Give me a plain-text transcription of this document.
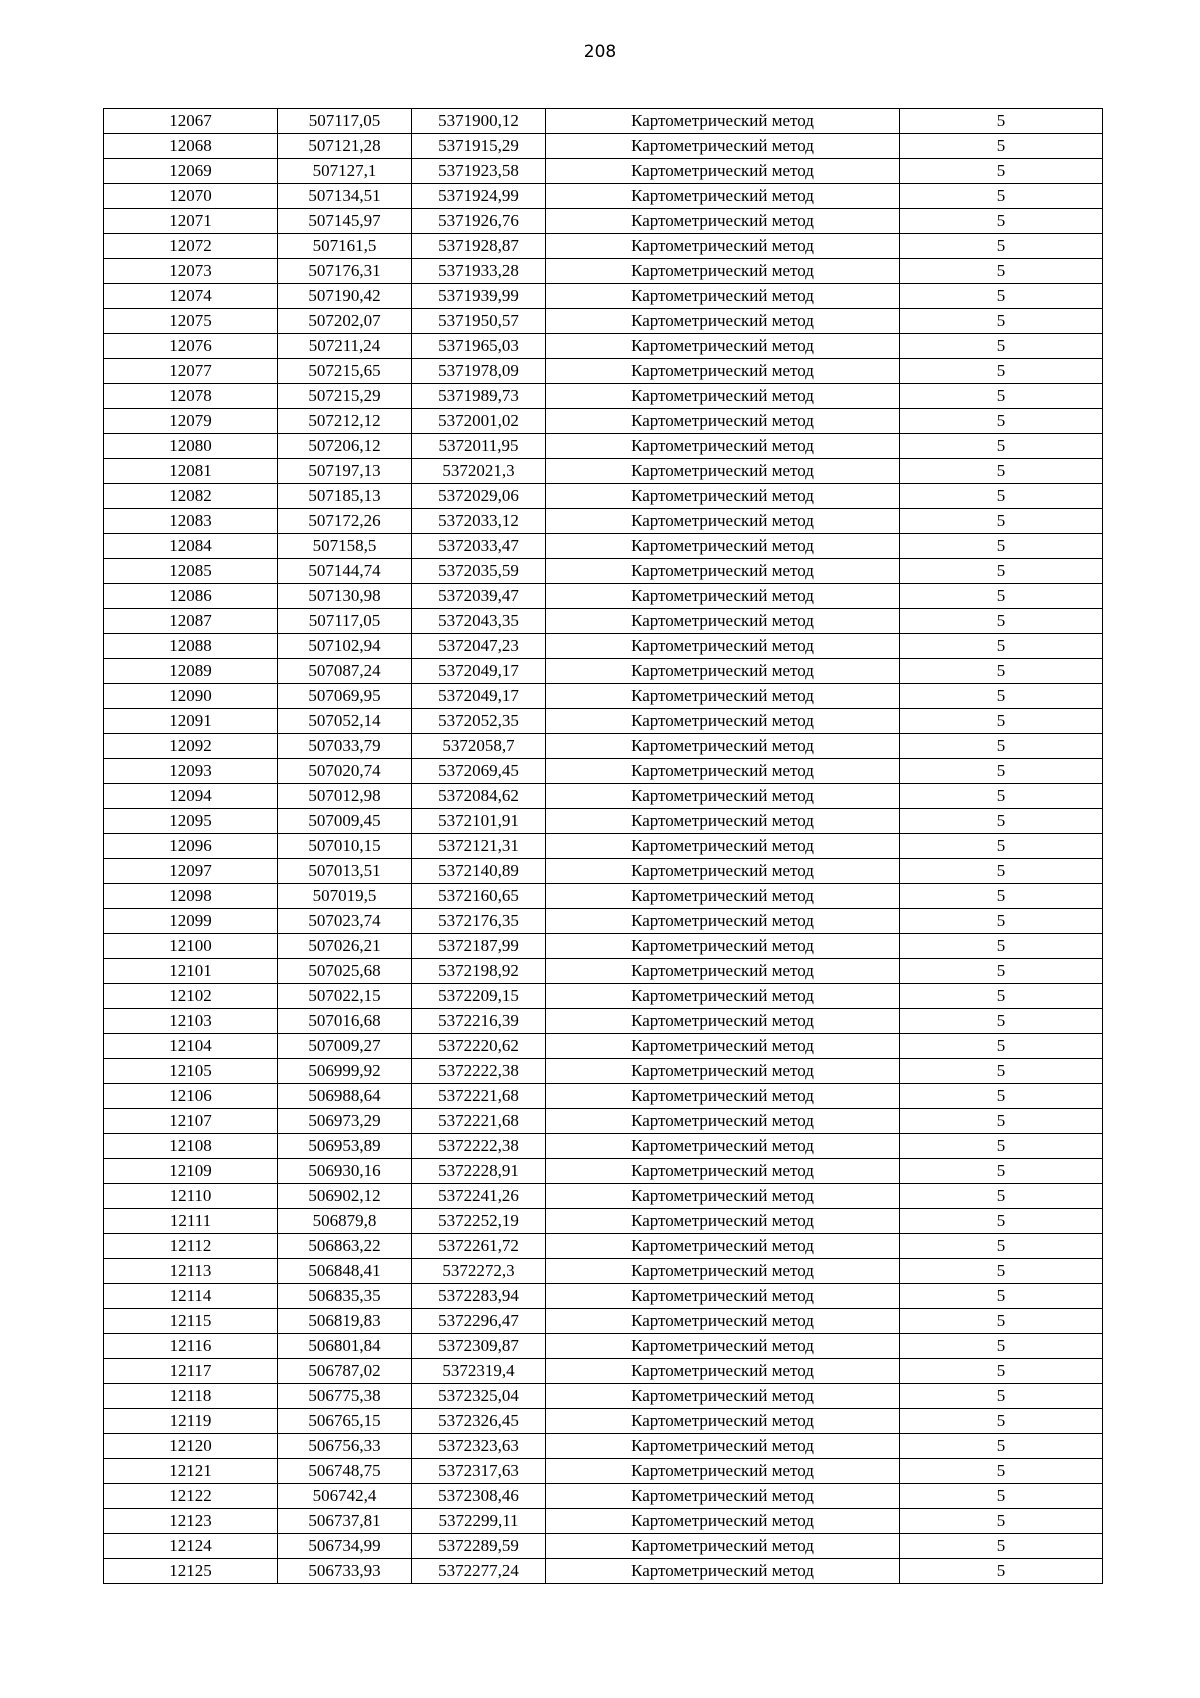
208
12067	507117,05	5371900,12	Картометрический метод	5
12068	507121,28	5371915,29	Картометрический метод	5
12069	507127,1	5371923,58	Картометрический метод	5
12070	507134,51	5371924,99	Картометрический метод	5
12071	507145,97	5371926,76	Картометрический метод	5
12072	507161,5	5371928,87	Картометрический метод	5
12073	507176,31	5371933,28	Картометрический метод	5
12074	507190,42	5371939,99	Картометрический метод	5
12075	507202,07	5371950,57	Картометрический метод	5
12076	507211,24	5371965,03	Картометрический метод	5
12077	507215,65	5371978,09	Картометрический метод	5
12078	507215,29	5371989,73	Картометрический метод	5
12079	507212,12	5372001,02	Картометрический метод	5
12080	507206,12	5372011,95	Картометрический метод	5
12081	507197,13	5372021,3	Картометрический метод	5
12082	507185,13	5372029,06	Картометрический метод	5
12083	507172,26	5372033,12	Картометрический метод	5
12084	507158,5	5372033,47	Картометрический метод	5
12085	507144,74	5372035,59	Картометрический метод	5
12086	507130,98	5372039,47	Картометрический метод	5
12087	507117,05	5372043,35	Картометрический метод	5
12088	507102,94	5372047,23	Картометрический метод	5
12089	507087,24	5372049,17	Картометрический метод	5
12090	507069,95	5372049,17	Картометрический метод	5
12091	507052,14	5372052,35	Картометрический метод	5
12092	507033,79	5372058,7	Картометрический метод	5
12093	507020,74	5372069,45	Картометрический метод	5
12094	507012,98	5372084,62	Картометрический метод	5
12095	507009,45	5372101,91	Картометрический метод	5
12096	507010,15	5372121,31	Картометрический метод	5
12097	507013,51	5372140,89	Картометрический метод	5
12098	507019,5	5372160,65	Картометрический метод	5
12099	507023,74	5372176,35	Картометрический метод	5
12100	507026,21	5372187,99	Картометрический метод	5
12101	507025,68	5372198,92	Картометрический метод	5
12102	507022,15	5372209,15	Картометрический метод	5
12103	507016,68	5372216,39	Картометрический метод	5
12104	507009,27	5372220,62	Картометрический метод	5
12105	506999,92	5372222,38	Картометрический метод	5
12106	506988,64	5372221,68	Картометрический метод	5
12107	506973,29	5372221,68	Картометрический метод	5
12108	506953,89	5372222,38	Картометрический метод	5
12109	506930,16	5372228,91	Картометрический метод	5
12110	506902,12	5372241,26	Картометрический метод	5
12111	506879,8	5372252,19	Картометрический метод	5
12112	506863,22	5372261,72	Картометрический метод	5
12113	506848,41	5372272,3	Картометрический метод	5
12114	506835,35	5372283,94	Картометрический метод	5
12115	506819,83	5372296,47	Картометрический метод	5
12116	506801,84	5372309,87	Картометрический метод	5
12117	506787,02	5372319,4	Картометрический метод	5
12118	506775,38	5372325,04	Картометрический метод	5
12119	506765,15	5372326,45	Картометрический метод	5
12120	506756,33	5372323,63	Картометрический метод	5
12121	506748,75	5372317,63	Картометрический метод	5
12122	506742,4	5372308,46	Картометрический метод	5
12123	506737,81	5372299,11	Картометрический метод	5
12124	506734,99	5372289,59	Картометрический метод	5
12125	506733,93	5372277,24	Картометрический метод	5
